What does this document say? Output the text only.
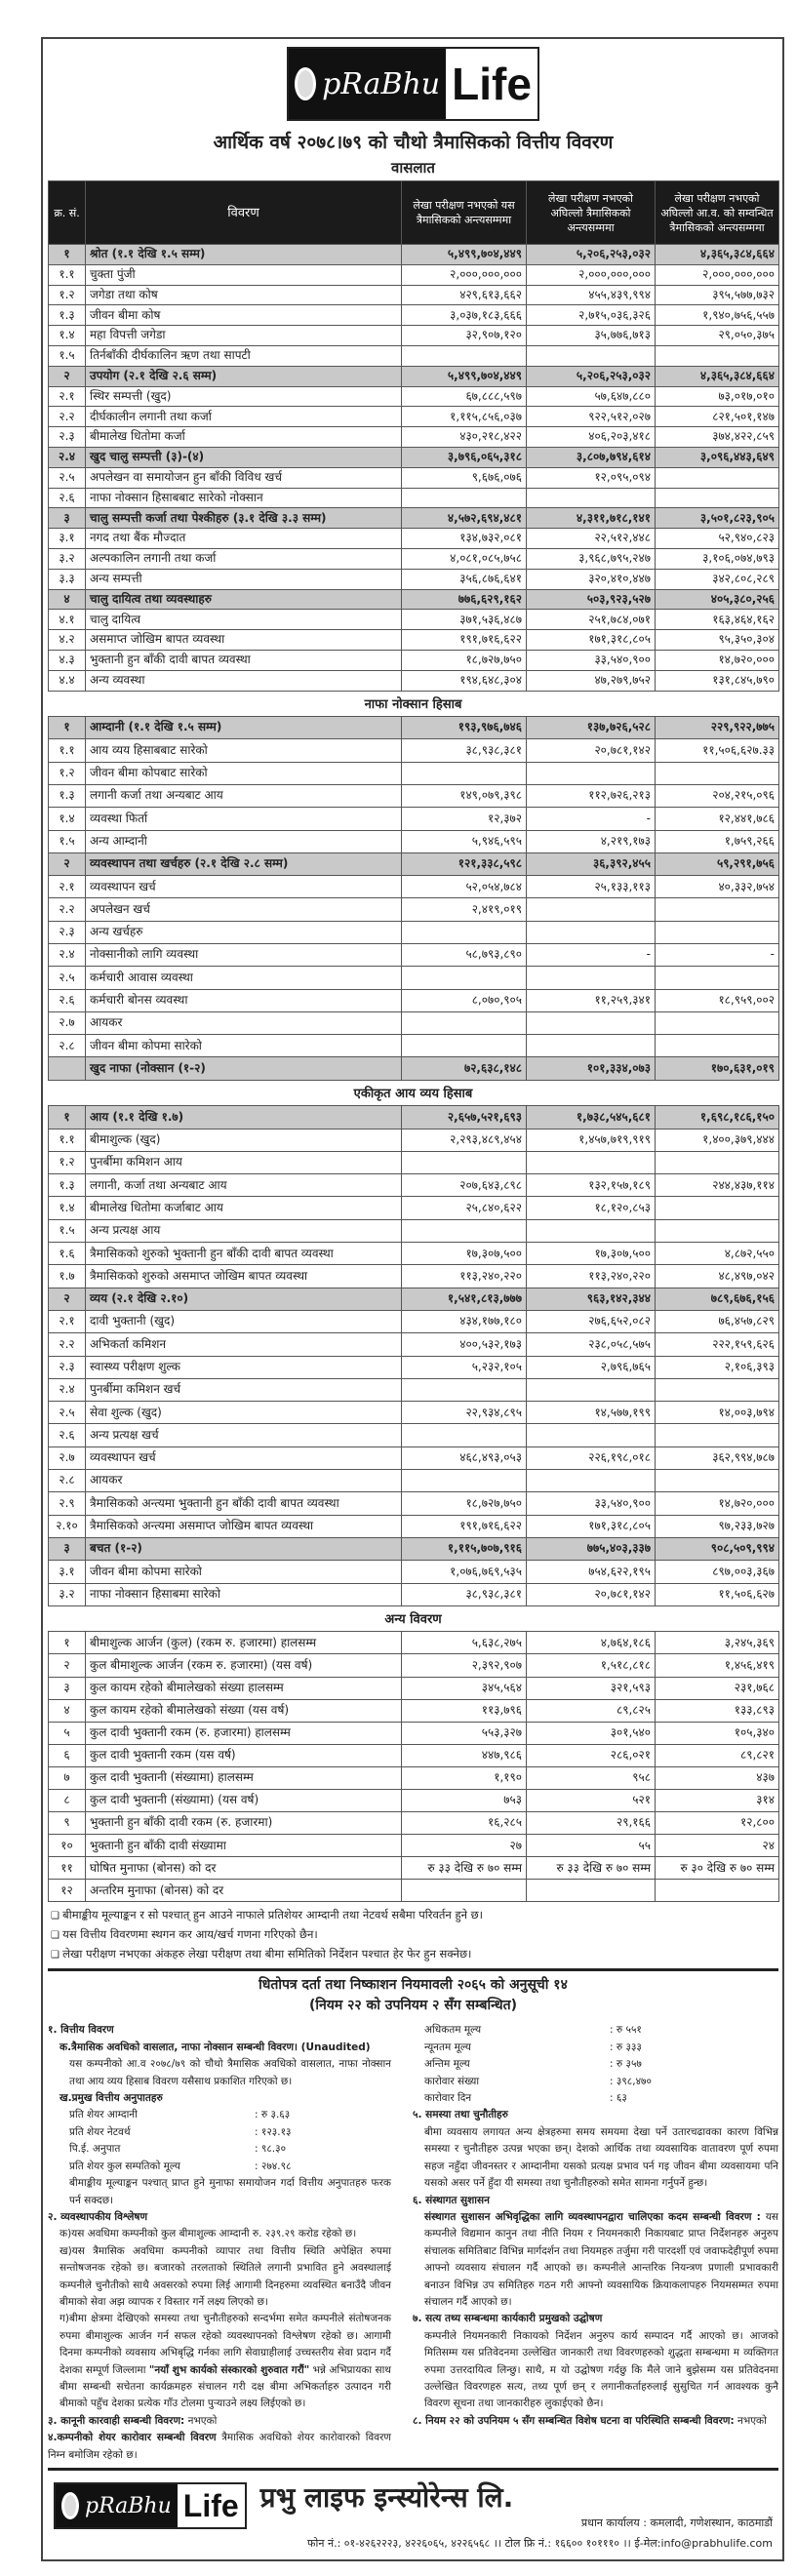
pRaBhu Life
आर्थिक वर्ष २०७८।७९ को चौथो त्रैमासिकको वित्तीय विवरण
वासलात
क्र. सं.	विवरण	लेखा परीक्षण नभएको यस त्रैमासिकको अन्त्यसम्ममा	लेखा परीक्षण नभएको अघिल्लो त्रैमासिकको अन्त्यसम्ममा	लेखा परीक्षण नभएको अघिल्लो आ.व. को सम्वन्धित त्रैमासिकको अन्त्यसम्ममा
१	श्रोत (१.१ देखि १.५ सम्म)	५,४९९,७०४,४४९	५,२०६,२५३,०३२	४,३६५,३८४,६६४
१.१	चुक्ता पुंजी	२,०००,०००,०००	२,०००,०००,०००	२,०००,०००,०००
१.२	जगेडा तथा कोष	४२९,६१३,६६२	४५५,४३९,९९४	३९५,५७७,७३२
१.३	जीवन बीमा कोष	३,०३७,१८३,६६६	२,७१५,०३६,३२६	१,९४०,७५६,५५७
१.४	महा विपत्ती जगेडा	३२,९०७,१२०	३५,७७६,७१३	२९,०५०,३७५
१.५	तिर्नबाँकी दीर्घकालिन ऋण तथा सापटी			
२	उपयोग (२.१ देखि २.६ सम्म)	५,४९९,७०४,४४९	५,२०६,२५३,०३२	४,३६५,३८४,६६४
२.१	स्थिर सम्पत्ती (खुद)	६७,८८८,५९७	५७,६४७,८८०	७३,०१७,०१०
२.२	दीर्घकालीन लगानी तथा कर्जा	१,११५,८५६,०३७	९२२,५१२,०२७	८२१,५०१,१४७
२.३	बीमालेख धितोमा कर्जा	४३०,२१८,४२२	४०६,२०३,४१८	३७४,४२२,८५९
२.४	खुद चालु सम्पत्ती (३)-(४)	३,७९६,०६५,३१८	३,८०७,७९४,६१४	३,०९६,४४३,६४९
२.५	अपलेखन वा समायोजन हुन बाँकी विविध खर्च	९,६७६,०७६	१२,०९५,०९४	
२.६	नाफा नोक्सान हिसाबबाट सारेको नोक्सान			
३	चालु सम्पत्ती कर्जा तथा पेश्कीहरु (३.१ देखि ३.३ सम्म)	४,५७२,६९४,४८१	४,३११,७१८,१४१	३,५०१,८२३,९०५
३.१	नगद तथा बैंक मौज्दात	१३४,७३२,०८१	२२,५१२,४४८	५२,९४०,८२३
३.२	अल्पकालिन लगानी तथा कर्जा	४,०८१,०८५,७५८	३,९६८,७९५,२४७	३,१०६,०७४,७९३
३.३	अन्य सम्पत्ती	३५६,८७६,६४१	३२०,४१०,४४७	३४२,८०८,२८९
४	चालु दायित्व तथा व्यवस्थाहरु	७७६,६२९,१६२	५०३,९२३,५२७	४०५,३८०,२५६
४.१	चालु दायित्व	३७१,५३६,४८७	२५१,७८४,०७१	१६३,४६४,१६२
४.२	असमाप्त जोखिम बापत व्यवस्था	१९१,७१६,६२२	१७१,३१८,८०५	९५,३५०,३०४
४.३	भुक्तानी हुन बाँकी दावी बापत व्यवस्था	१८,७२७,७५०	३३,५४०,९००	१४,७२०,०००
४.४	अन्य व्यवस्था	१९४,६४८,३०४	४७,२७९,७५२	१३१,८४५,७९०
नाफा नोक्सान हिसाब
१	आम्दानी (१.१ देखि १.५ सम्म)	१९३,९७६,७४६	१३७,७२६,५२८	२२९,९२२,७७५
१.१	आय व्यय हिसाबबाट सारेको	३८,९३८,३८१	२०,७८१,१४२	११,५०६,६२७.३३
१.२	जीवन बीमा कोपबाट सारेको			
१.३	लगानी कर्जा तथा अन्यबाट आय	१४९,०७९,३९८	११२,७२६,२१३	२०४,२१५,०९६
१.४	व्यवस्था फिर्ता	१२,३७२	-	१२,४४१,७८६
१.५	अन्य आम्दानी	५,९४६,५९५	४,२१९,१७३	१,७५९,२६६
२	व्यवस्थापन तथा खर्चहरु (२.१ देखि २.८ सम्म)	१२१,३३८,५९८	३६,३९२,४५५	५९,२९१,७५६
२.१	व्यवस्थापन खर्च	५२,०५४,७८४	२५,१३३,११३	४०,३३२,७५४
२.२	अपलेखन खर्च	२,४१९,०१९		
२.३	अन्य खर्चहरु			
२.४	नोक्सानीको लागि व्यवस्था	५८,७९३,८९०	-	-
२.५	कर्मचारी आवास व्यवस्था			
२.६	कर्मचारी बोनस व्यवस्था	८,०७०,९०५	११,२५९,३४१	१८,९५९,००२
२.७	आयकर			
२.८	जीवन बीमा कोपमा सारेको			
	खुद नाफा (नोक्सान (१-२)	७२,६३८,१४८	१०१,३३४,०७३	१७०,६३१,०१९
एकीकृत आय व्यय हिसाब
१	आय (१.१ देखि १.७)	२,६५७,५२१,६९३	१,७३८,५४५,६८१	१,६९८,१८६,१५०
१.१	बीमाशुल्क (खुद)	२,२९३,४८९,४५४	१,४५७,७१९,९१९	१,४००,३७९,४४४
१.२	पुनर्बीमा कमिशन आय			
१.३	लगानी, कर्जा तथा अन्यबाट आय	२०७,६४३,८९८	१३२,१५७,१८९	२४४,४३७,११४
१.४	बीमालेख धितोमा कर्जाबाट आय	२५,८४०,६२२	१८,१२०,८५३	
१.५	अन्य प्रत्यक्ष आय			
१.६	त्रैमासिकको शुरुको भुक्तानी हुन बाँकी दावी बापत व्यवस्था	१७,३०७,५००	१७,३०७,५००	४,८७२,५५०
१.७	त्रैमासिकको शुरुको असमाप्त जोखिम बापत व्यवस्था	११३,२४०,२२०	११३,२४०,२२०	४८,४९७,०४२
२	व्यय (२.१ देखि २.१०)	१,५४१,८१३,७७७	९६३,१४२,३४४	७८९,६७६,१५६
२.१	दावी भुक्तानी (खुद)	४३४,१७७,१८०	२७६,६५२,०८२	७६,४५७,८२९
२.२	अभिकर्ता कमिशन	४००,५३२,१७३	२३८,०५८,५७५	२२२,१५९,६२६
२.३	स्वास्थ्य परीक्षण शुल्क	५,२३२,१०५	२,७९६,७६५	२,१०६,३९३
२.४	पुनर्बीमा कमिशन खर्च			
२.५	सेवा शुल्क (खुद)	२२,९३४,८९५	१४,५७७,१९९	१४,००३,७९४
२.६	अन्य प्रत्यक्ष खर्च			
२.७	व्यवस्थापन खर्च	४६८,४९३,०५३	२२६,१९८,०१८	३६२,९९४,७८७
२.८	आयकर			
२.९	त्रैमासिकको अन्त्यमा भुक्तानी हुन बाँकी दावी बापत व्यवस्था	१८,७२७,७५०	३३,५४०,९००	१४,७२०,०००
२.१०	त्रैमासिकको अन्त्यमा असमाप्त जोखिम बापत व्यवस्था	१९१,७१६,६२२	१७१,३१८,८०५	९७,२३३,७२७
३	बचत (१-२)	१,११५,७०७,९१६	७७५,४०३,३३७	९०८,५०९,९९४
३.१	जीवन बीमा कोपमा सारेको	१,०७६,७६९,५३५	७५४,६२२,१९५	८९७,००३,३६७
३.२	नाफा नोक्सान हिसाबमा सारेको	३८,९३८,३८१	२०,७८१,१४२	११,५०६,६२७
अन्य विवरण
१	बीमाशुल्क आर्जन (कुल) (रकम रु. हजारमा) हालसम्म	५,६३८,२७५	४,७६४,१८६	३,२४५,३६९
२	कुल बीमाशुल्क आर्जन (रकम रु. हजारमा) (यस वर्ष)	२,३९२,९०७	१,५१८,८१८	१,४५६,४१९
३	कुल कायम रहेको बीमालेखको संख्या हालसम्म	३४५,५६४	३२१,५९३	२३१,७६८
४	कुल कायम रहेको बीमालेखको संख्या (यस वर्ष)	११३,७९६	८९,८२५	१३३,८९३
५	कुल दावी भुक्तानी रकम (रु. हजारमा) हालसम्म	५५३,३२७	३०१,५४०	१०५,३४०
६	कुल दावी भुक्तानी रकम (यस वर्ष)	४४७,९८६	२८६,०२१	८९,८२१
७	कुल दावी भुक्तानी (संख्यामा) हालसम्म	१,१९०	९५८	४३७
८	कुल दावी भुक्तानी (संख्यामा) (यस वर्ष)	७५३	५२१	३१४
९	भुक्तानी हुन बाँकी दावी रकम (रु. हजारमा)	१६,२८५	२९,१६६	१२,८००
१०	भुक्तानी हुन बाँकी दावी संख्यामा	२७	५५	२४
११	घोषित मुनाफा (बोनस) को दर	रु ३३ देखि रु ७० सम्म	रु ३३ देखि रु ७० सम्म	रु ३० देखि रु ७० सम्म
१२	अन्तरिम मुनाफा (बोनस) को दर			
❑ बीमाङ्कीय मूल्याङ्कन र सो पश्चात् हुन आउने नाफाले प्रतिशेयर आम्दानी तथा नेटवर्थ सबैमा परिवर्तन हुने छ।
❑ यस वित्तीय विवरणमा स्थगन कर आय/खर्च गणना गरिएको छैन।
❑ लेखा परीक्षण नभएका अंकहरु लेखा परीक्षण तथा बीमा समितिको निर्देशन पश्चात हेर फेर हुन सक्नेछ।
धितोपत्र दर्ता तथा निष्काशन नियमावली २०६५ को अनुसूची १४
(नियम २२ को उपनियम २ सँग सम्बन्धित)
१. वित्तीय विवरण
क.त्रैमासिक अवधिको वासलात, नाफा नोक्सान सम्बन्धी विवरण। (Unaudited)
यस कम्पनीको आ.व २०७८/७९ को चौथो त्रैमासिक अवधिको वासलात, नाफा नोक्सान तथा आय व्यय हिसाब विवरण यसैसाथ प्रकाशित गरिएको छ।
ख.प्रमुख वित्तीय अनुपातहरु
प्रति शेयर आम्दानी	: रु ३.६३
प्रति शेयर नेटवर्थ	: १२३.१३
पि.ई. अनुपात	: ९८.३०
प्रति शेयर कुल सम्पतिको मूल्य	: २७४.९८
बीमाङ्कीय मूल्याङ्कन पश्चात् प्राप्त हुने मुनाफा समायोजन गर्दा वित्तीय अनुपातहरु फरक पर्न सक्दछ।
२. व्यवस्थापकीय विश्लेषण
क)यस अवधिमा कम्पनीको कुल बीमाशुल्क आम्दानी रु. २३९.२९ करोड रहेको छ।
ख)यस त्रैमासिक अवधिमा कम्पनीको व्यापार तथा वित्तीय स्थिति अपेक्षित रुपमा सन्तोषजनक रहेको छ। बजारको तरलताको स्थितिले लगानी प्रभावित हुने अवस्थालाई कम्पनीले चुनौतीको साथै अवसरको रुपमा लिई आगामी दिनहरुमा व्यवस्थित बनाउँदै जीवन बीमाको सेवा अझ व्यापक र विस्तार गर्ने लक्ष्य लिएको छ।
ग)बीमा क्षेत्रमा देखिएको समस्या तथा चुनौतीहरुको सन्दर्भमा समेत कम्पनीले संतोषजनक रुपमा बीमाशुल्क आर्जन गर्न सफल रहेको व्यवस्थापनको विश्लेषण रहेको छ। आगामी दिनमा कम्पनीको व्यवसाय अभिबृद्धि गर्नका लागि सेवाग्राहीलाई उच्चस्तरीय सेवा प्रदान गर्दै देशका सम्पूर्ण जिल्लामा "नयाँ शुभ कार्यको संस्कारको शुरुवात गरौं" भन्ने अभिप्रायका साथ बीमा सम्बन्धी सचेतना कार्यक्रमहरु संचालन गरी दक्ष बीमा अभिकर्ताहरु उत्पादन गरी बीमाको पहुँच देशका प्रत्येक गाँउ टोलमा पुर्‍याउने लक्ष्य लिईएको छ।
३. कानूनी कारवाही सम्बन्धी विवरण: नभएको
४.कम्पनीको शेयर कारोवार सम्बन्धी विवरण त्रैमासिक अवधिको शेयर कारोवारको विवरण निम्न बमोजिम रहेको छ।
अधिकतम मूल्य	: रु ५५१
न्यूनतम मूल्य	: रु ३३३
अन्तिम मूल्य	: रु ३५७
कारोवार संख्या	: ३९८,४७०
कारोवार दिन	: ६३
५. समस्या तथा चुनौतीहरु
बीमा व्यवसाय लगायत अन्य क्षेत्रहरुमा समय समयमा देखा पर्ने उतारचढावका कारण विभिन्न समस्या र चुनौतीहरु उत्पन्न भएका छन्। देशको आर्थिक तथा व्यवसायिक वातावरण पूर्ण रुपमा सहज नहुँदा जीवनस्तर र आम्दानीमा यसको प्रत्यक्ष प्रभाव पर्न गइ जीवन बीमा व्यवसायमा पनि यसको असर पर्ने हुँदा यी समस्या तथा चुनौतीहरुको समेत सामना गर्नुपर्ने हुन्छ।
६. संस्थागत सुशासन
संस्थागत सुशासन अभिवृद्धिका लागि व्यवस्थापनद्वारा चालिएका कदम सम्बन्धी विवरण : यस कम्पनीले विद्यमान कानुन तथा नीति नियम र नियमनकारी निकायबाट प्राप्त निर्देशनहरु अनुरुप संचालक समितिबाट विभिन्न मार्गदर्शन तथा नियमहरु तर्जुमा गरी पारदर्शी एवं जवाफदेहीपूर्ण रुपमा आफ्नो व्यवसाय संचालन गर्दै आएको छ। कम्पनीले आन्तरिक नियन्त्रण प्रणाली प्रभावकारी बनाउन विभिन्न उप समितिहरु गठन गरी आफ्नो व्यवसायिक क्रियाकलापहरु नियमसम्मत रुपमा संचालन गर्दै आएको छ।
७. सत्य तथ्य सम्बन्धमा कार्यकारी प्रमुखको उद्घोषण
कम्पनीले नियमनकारी निकायको निर्देशन अनुरुप कार्य सम्पादन गर्दै आएको छ। आजको मितिसम्म यस प्रतिवेदनमा उल्लेखित जानकारी तथा विवरणहरुको शुद्धता सम्बन्धमा म व्यक्तिगत रुपमा उत्तरदायित्व लिन्छु। साथै, म यो उद्घोषण गर्दछु कि मैले जाने बुझेसम्म यस प्रतिवेदनमा उल्लेखित विवरणहरु सत्य, तथ्य पूर्ण छन् र लगानीकर्ताहरुलाई सुसुचित गर्न आवश्यक कुनै विवरण सूचना तथा जानकारीहरु लुकाईएको छैन।
८. नियम २२ को उपनियम ५ सँग सम्बन्धित विशेष घटना वा परिस्थिति सम्बन्धी विवरण: नभएको
pRaBhu Life प्रभु लाइफ इन्स्योरेन्स लि.
प्रधान कार्यालय : कमलादी, गणेशस्थान, काठमाडौं
फोन नं.: ०१-४२६२२२३, ४२२६०६५, ४२२६५६८ ।। टोल फ्रि नं.: १६६०० १०१११० ।। ई-मेल:info@prabhulife.com
